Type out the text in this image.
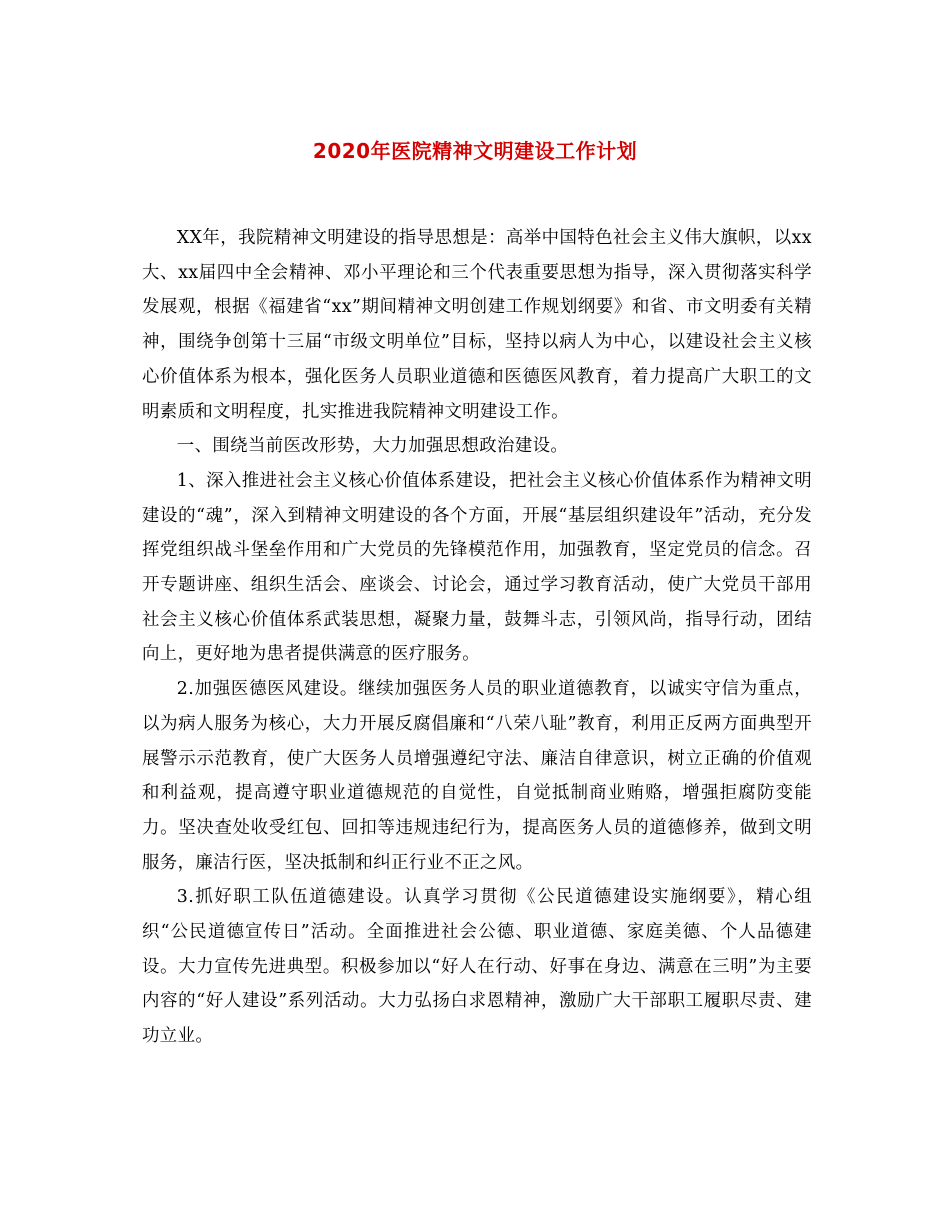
2020年医院精神文明建设工作计划

XX年，我院精神文明建设的指导思想是：高举中国特色社会主义伟大旗帜，以xx大、xx届四中全会精神、邓小平理论和三个代表重要思想为指导，深入贯彻落实科学发展观，根据《福建省“xx”期间精神文明创建工作规划纲要》和省、市文明委有关精神，围绕争创第十三届“市级文明单位”目标，坚持以病人为中心，以建设社会主义核心价值体系为根本，强化医务人员职业道德和医德医风教育，着力提高广大职工的文明素质和文明程度，扎实推进我院精神文明建设工作。

一、围绕当前医改形势，大力加强思想政治建设。

1、深入推进社会主义核心价值体系建设，把社会主义核心价值体系作为精神文明建设的“魂”，深入到精神文明建设的各个方面，开展“基层组织建设年”活动，充分发挥党组织战斗堡垒作用和广大党员的先锋模范作用，加强教育，坚定党员的信念。召开专题讲座、组织生活会、座谈会、讨论会，通过学习教育活动，使广大党员干部用社会主义核心价值体系武装思想，凝聚力量，鼓舞斗志，引领风尚，指导行动，团结向上，更好地为患者提供满意的医疗服务。

2.加强医德医风建设。继续加强医务人员的职业道德教育，以诚实守信为重点，以为病人服务为核心，大力开展反腐倡廉和“八荣八耻”教育，利用正反两方面典型开展警示示范教育，使广大医务人员增强遵纪守法、廉洁自律意识，树立正确的价值观和利益观，提高遵守职业道德规范的自觉性，自觉抵制商业贿赂，增强拒腐防变能力。坚决查处收受红包、回扣等违规违纪行为，提高医务人员的道德修养，做到文明服务，廉洁行医，坚决抵制和纠正行业不正之风。

3.抓好职工队伍道德建设。认真学习贯彻《公民道德建设实施纲要》，精心组织“公民道德宣传日”活动。全面推进社会公德、职业道德、家庭美德、个人品德建设。大力宣传先进典型。积极参加以“好人在行动、好事在身边、满意在三明”为主要内容的“好人建设”系列活动。大力弘扬白求恩精神，激励广大干部职工履职尽责、建功立业。
